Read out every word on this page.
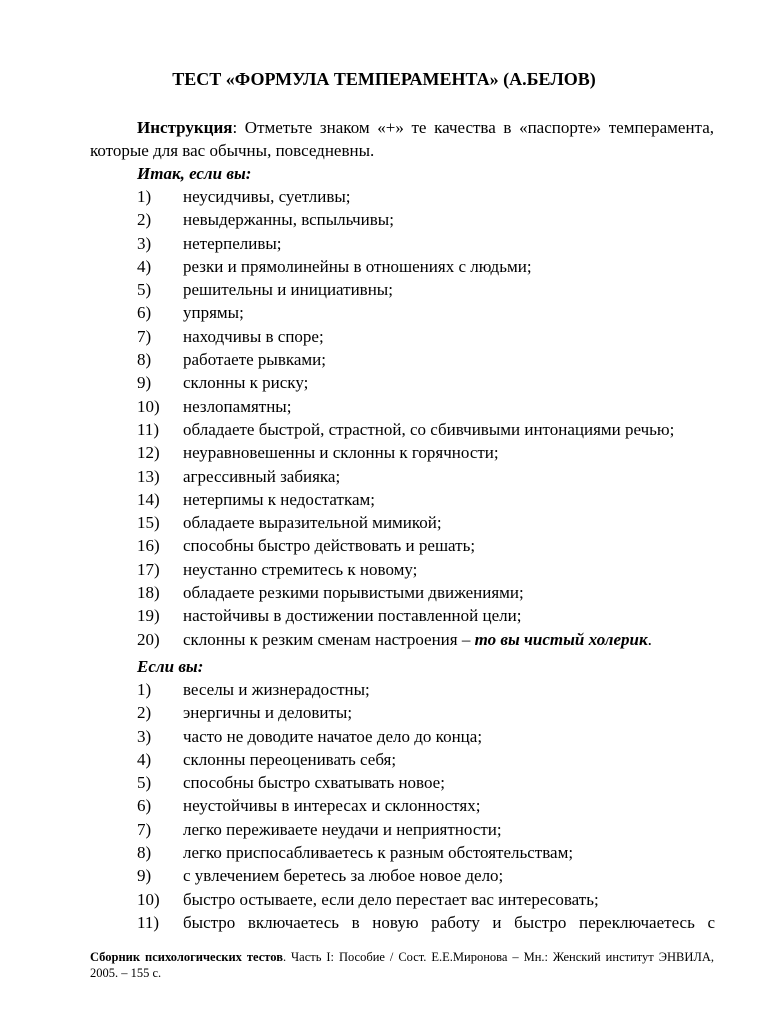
ТЕСТ «ФОРМУЛА ТЕМПЕРАМЕНТА» (А.БЕЛОВ)
Инструкция: Отметьте знаком «+» те качества в «паспорте» темперамента, которые для вас обычны, повседневны.
Итак, если вы:
1) неусидчивы, суетливы;
2) невыдержанны, вспыльчивы;
3) нетерпеливы;
4) резки и прямолинейны в отношениях с людьми;
5) решительны и инициативны;
6) упрямы;
7) находчивы в споре;
8) работаете рывками;
9) склонны к риску;
10) незлопамятны;
11) обладаете быстрой, страстной, со сбивчивыми интонациями речью;
12) неуравновешенны и склонны к горячности;
13) агрессивный забияка;
14) нетерпимы к недостаткам;
15) обладаете выразительной мимикой;
16) способны быстро действовать и решать;
17) неустанно стремитесь к новому;
18) обладаете резкими порывистыми движениями;
19) настойчивы в достижении поставленной цели;
20) склонны к резким сменам настроения – то вы чистый холерик.
Если вы:
1) веселы и жизнерадостны;
2) энергичны и деловиты;
3) часто не доводите начатое дело до конца;
4) склонны переоценивать себя;
5) способны быстро схватывать новое;
6) неустойчивы в интересах и склонностях;
7) легко переживаете неудачи и неприятности;
8) легко приспосабливаетесь к разным обстоятельствам;
9) с увлечением беретесь за любое новое дело;
10) быстро остываете, если дело перестает вас интересовать;
11) быстро включаетесь в новую работу и быстро переключаетесь с
Сборник психологических тестов. Часть I: Пособие / Сост. Е.Е.Миронова – Мн.: Женский институт ЭНВИЛА, 2005. – 155 с.
